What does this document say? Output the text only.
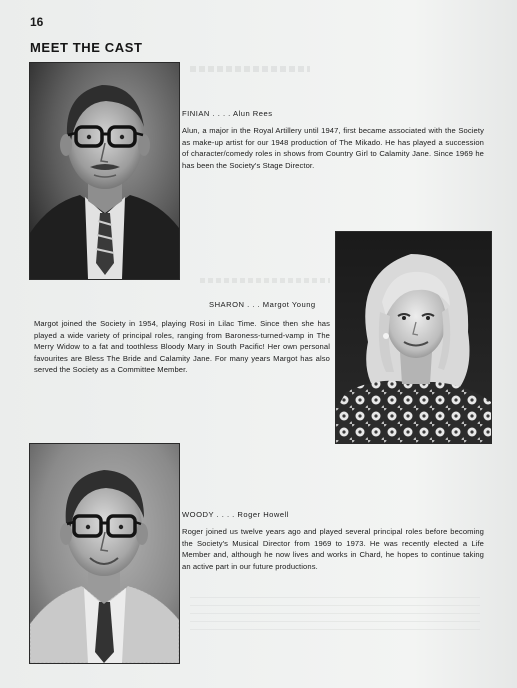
16
MEET THE CAST
FINIAN . . . . Alun Rees
Alun, a major in the Royal Artillery until 1947, first became associated with the Society as make-up artist for our 1948 production of The Mikado. He has played a succession of character/comedy roles in shows from Country Girl to Calamity Jane. Since 1969 he has been the Society's Stage Director.
SHARON . . . Margot Young
Margot joined the Society in 1954, playing Rosi in Lilac Time. Since then she has played a wide variety of principal roles, ranging from Baroness-turned-vamp in The Merry Widow to a fat and toothless Bloody Mary in South Pacific! Her own personal favourites are Bless The Bride and Calamity Jane. For many years Margot has also served the Society as a Committee Member.
WOODY . . . . Roger Howell
Roger joined us twelve years ago and played several principal roles before becoming the Society's Musical Director from 1969 to 1973. He was recently elected a Life Member and, although he now lives and works in Chard, he hopes to continue taking an active part in our future productions.
